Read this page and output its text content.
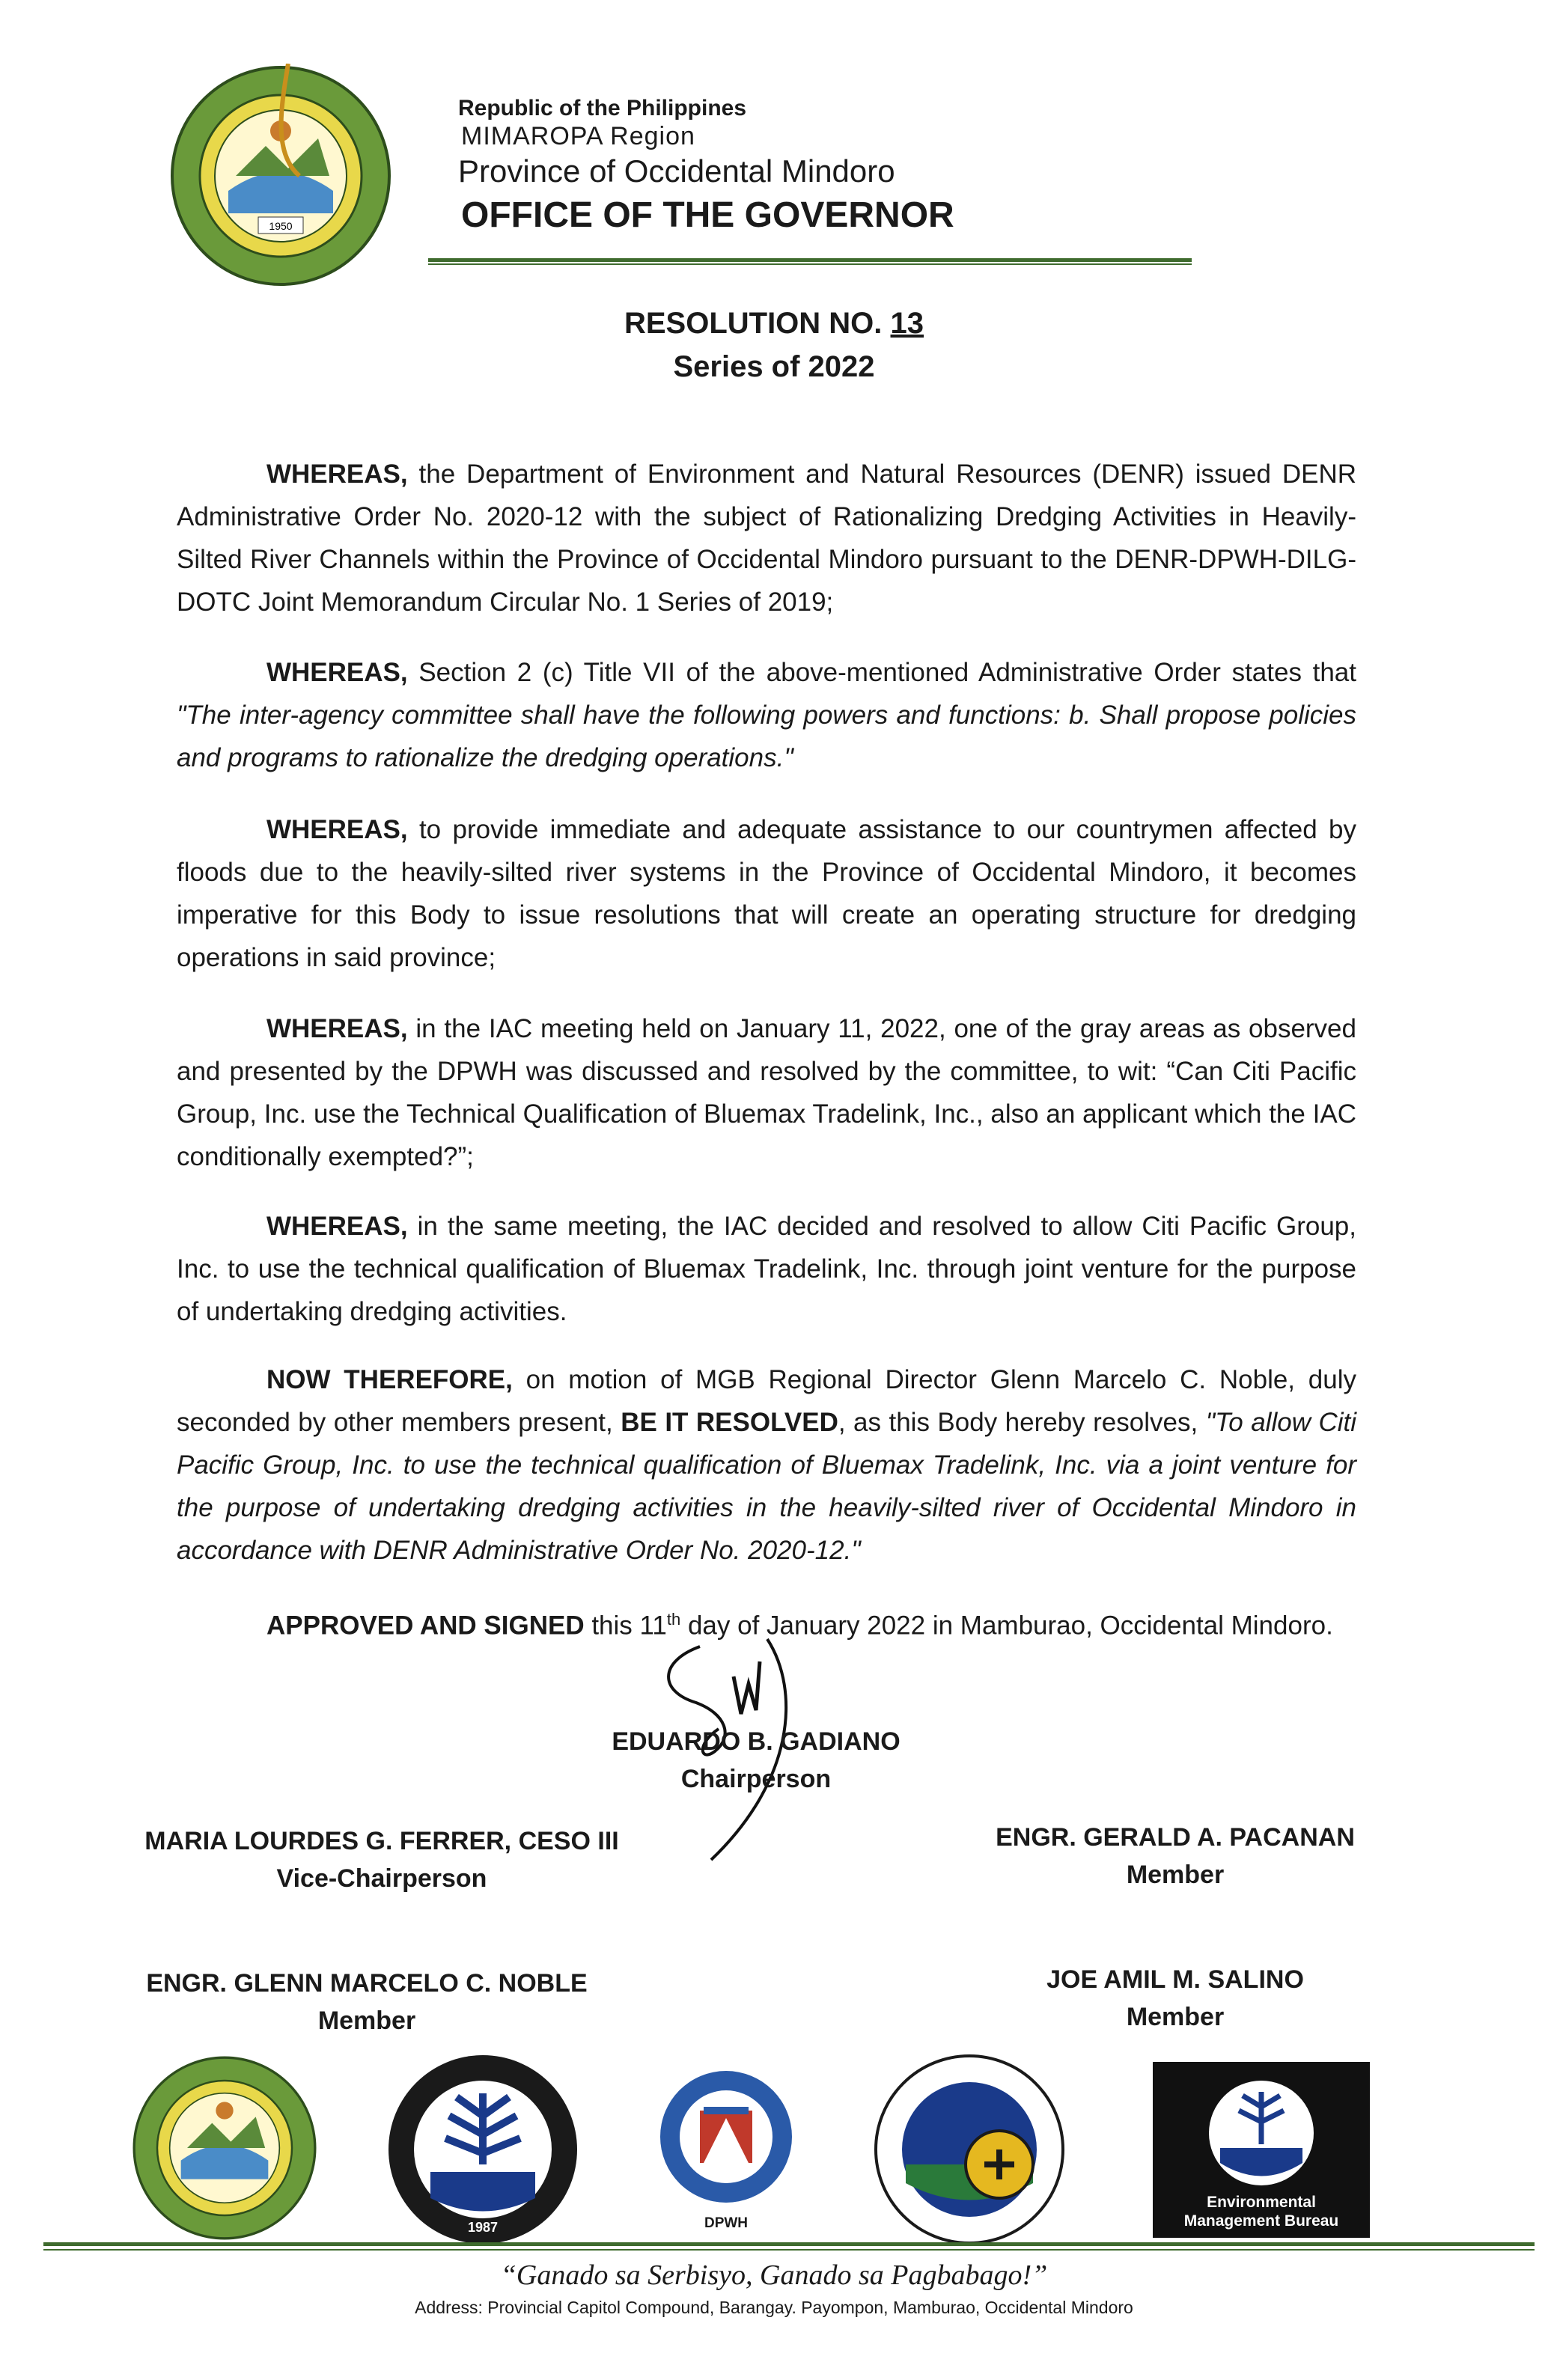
1950
Republic of the Philippines
MIMAROPA Region
Province of Occidental Mindoro
OFFICE OF THE GOVERNOR
RESOLUTION NO. 13
Series of 2022
WHEREAS, the Department of Environment and Natural Resources (DENR) issued DENR Administrative Order No. 2020-12 with the subject of Rationalizing Dredging Activities in Heavily-Silted River Channels within the Province of Occidental Mindoro pursuant to the DENR-DPWH-DILG-DOTC Joint Memorandum Circular No. 1 Series of 2019;
WHEREAS, Section 2 (c) Title VII of the above-mentioned Administrative Order states that "The inter-agency committee shall have the following powers and functions: b. Shall propose policies and programs to rationalize the dredging operations."
WHEREAS, to provide immediate and adequate assistance to our countrymen affected by floods due to the heavily-silted river systems in the Province of Occidental Mindoro, it becomes imperative for this Body to issue resolutions that will create an operating structure for dredging operations in said province;
WHEREAS, in the IAC meeting held on January 11, 2022, one of the gray areas as observed and presented by the DPWH was discussed and resolved by the committee, to wit: “Can Citi Pacific Group, Inc. use the Technical Qualification of Bluemax Tradelink, Inc., also an applicant which the IAC conditionally exempted?”;
WHEREAS, in the same meeting, the IAC decided and resolved to allow Citi Pacific Group, Inc. to use the technical qualification of Bluemax Tradelink, Inc. through joint venture for the purpose of undertaking dredging activities.
NOW THEREFORE, on motion of MGB Regional Director Glenn Marcelo C. Noble, duly seconded by other members present, BE IT RESOLVED, as this Body hereby resolves, "To allow Citi Pacific Group, Inc. to use the technical qualification of Bluemax Tradelink, Inc. via a joint venture for the purpose of undertaking dredging activities in the heavily-silted river of Occidental Mindoro in accordance with DENR Administrative Order No. 2020-12."
APPROVED AND SIGNED this 11th day of January 2022 in Mamburao, Occidental Mindoro.
EDUARDO B. GADIANO
Chairperson
MARIA LOURDES G. FERRER, CESO III
Vice-Chairperson
ENGR. GERALD A. PACANAN
Member
ENGR. GLENN MARCELO C. NOBLE
Member
JOE AMIL M. SALINO
Member
1987	DPWH
Environmental Management Bureau
“Ganado sa Serbisyo, Ganado sa Pagbabago!”
Address: Provincial Capitol Compound, Barangay. Payompon, Mamburao, Occidental Mindoro
